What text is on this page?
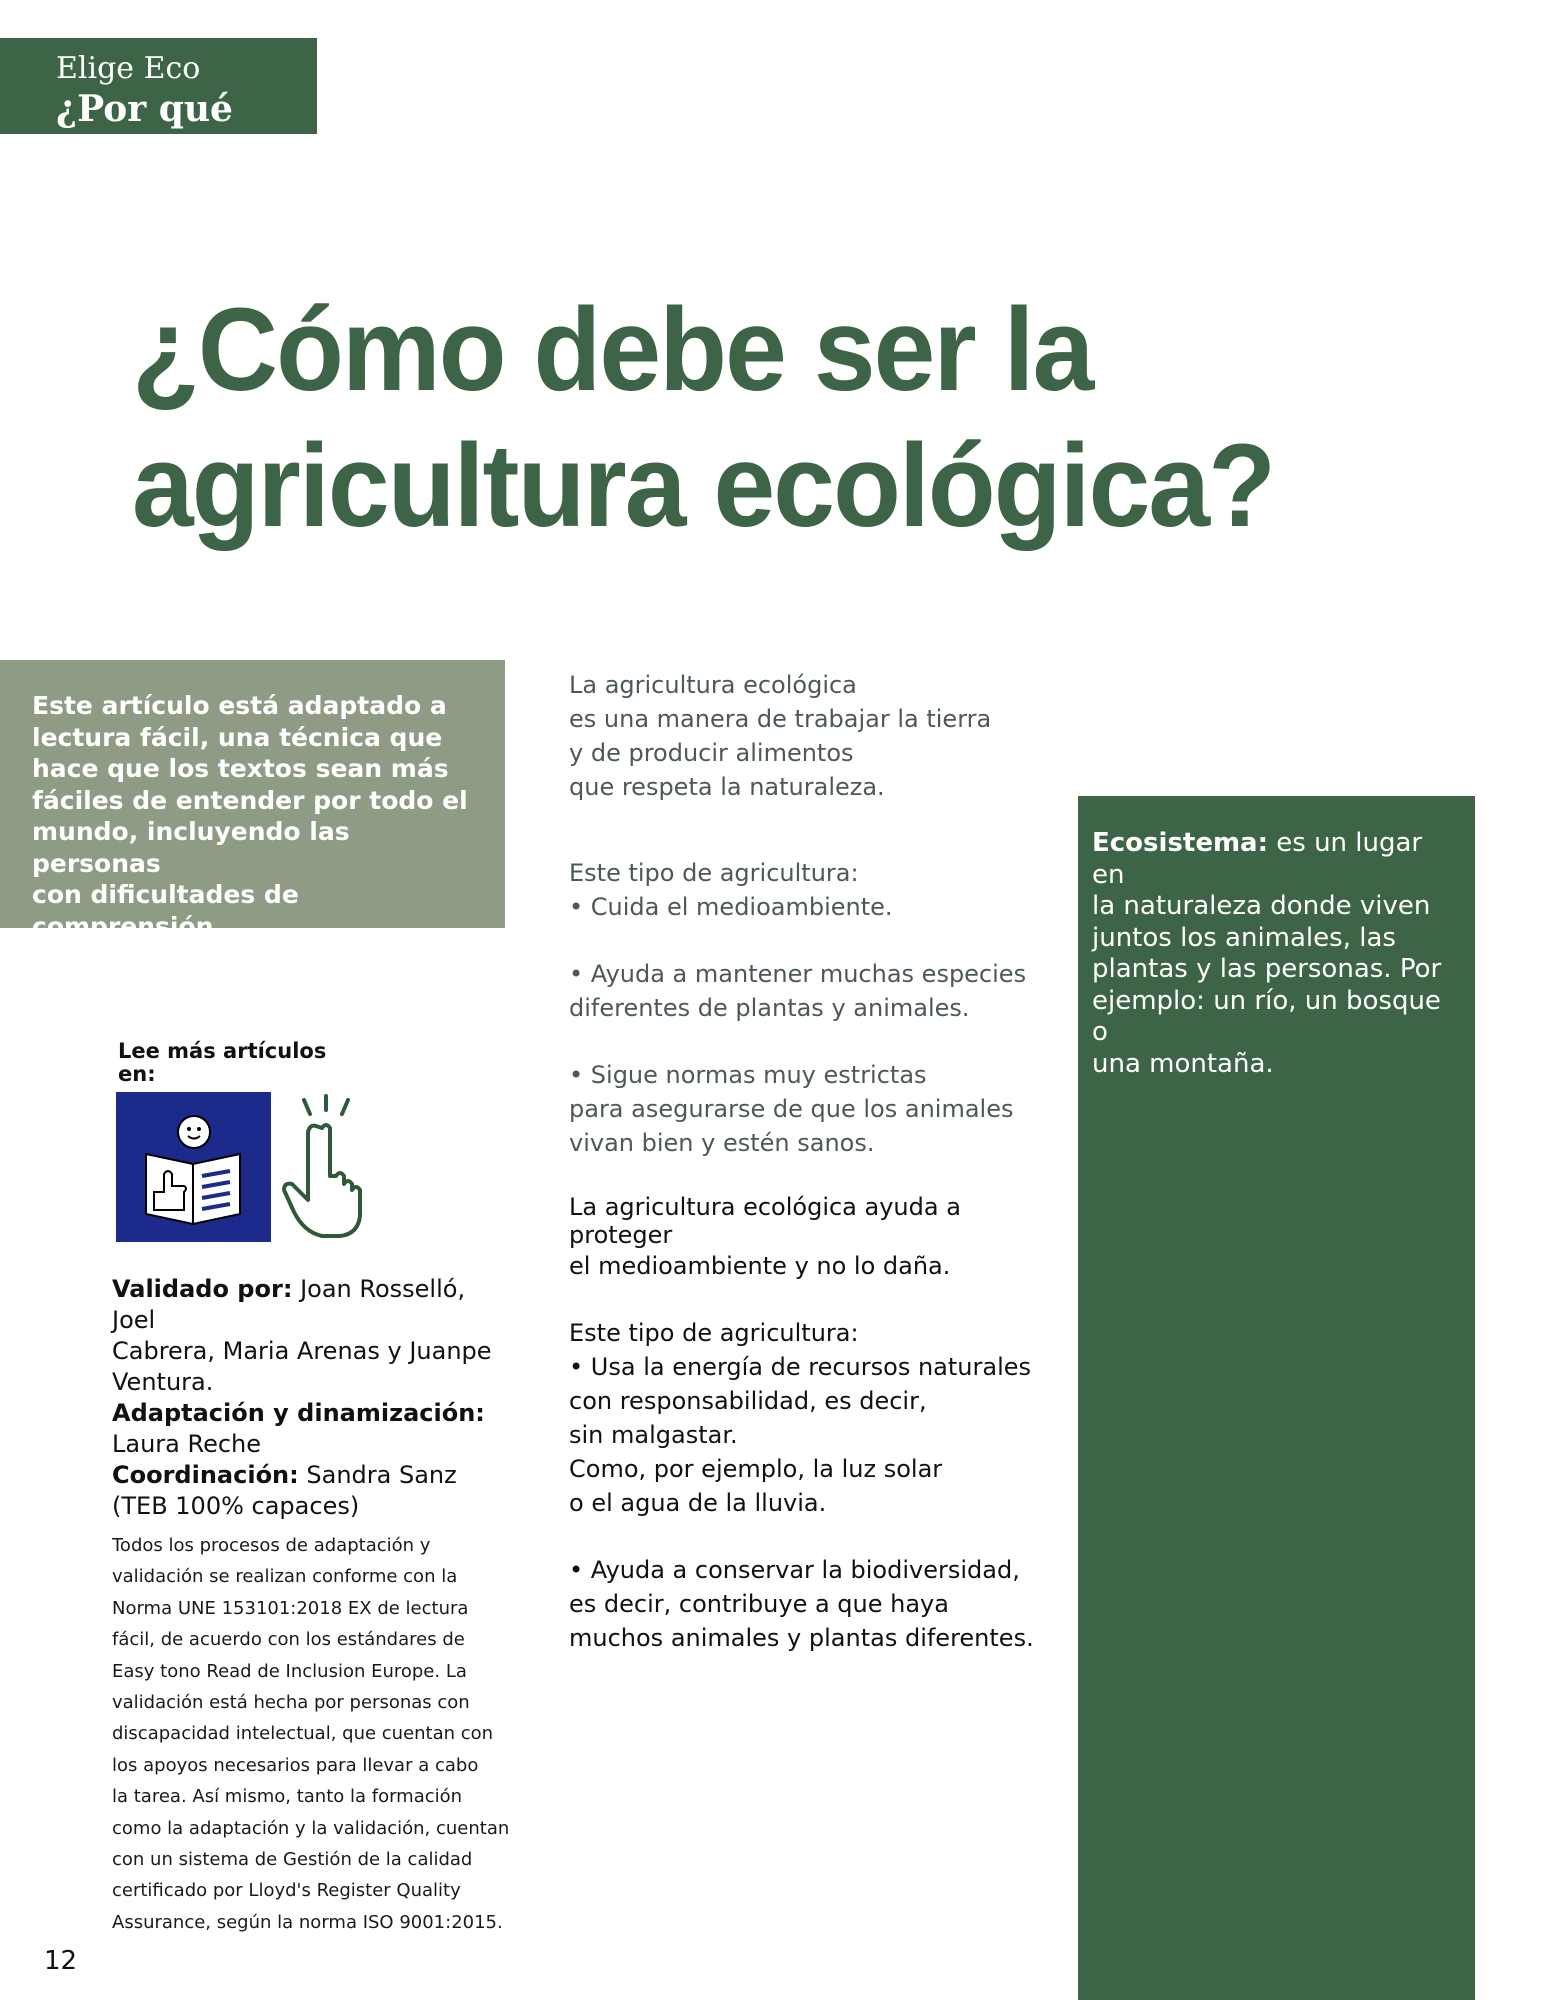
Elige Eco
¿Por qué eco?
¿Cómo debe ser la
agricultura ecológica?
Este artículo está adaptado a
lectura fácil, una técnica que
hace que los textos sean más
fáciles de entender por todo el
mundo, incluyendo las personas
con dificultades de comprensión.
Lee más artículos
en:
Validado por: Joan Rosselló, Joel
Cabrera, Maria Arenas y Juanpe
Ventura.
Adaptación y dinamización:
Laura Reche
Coordinación: Sandra Sanz
(TEB 100% capaces)
Todos los procesos de adaptación y
validación se realizan conforme con la
Norma UNE 153101:2018 EX de lectura
fácil, de acuerdo con los estándares de
Easy tono Read de Inclusion Europe. La
validación está hecha por personas con
discapacidad intelectual, que cuentan con
los apoyos necesarios para llevar a cabo
la tarea. Así mismo, tanto la formación
como la adaptación y la validación, cuentan
con un sistema de Gestión de la calidad
certificado por Lloyd's Register Quality
Assurance, según la norma ISO 9001:2015.

La agricultura ecológica

es una manera de trabajar la tierra

y de producir alimentos

que respeta la naturaleza.

Este tipo de agricultura:

• Cuida el medioambiente.

• Ayuda a mantener muchas especies

diferentes de plantas y animales.

• Sigue normas muy estrictas

para asegurarse de que los animales

vivan bien y estén sanos.

La agricultura ecológica ayuda a

proteger

el medioambiente y no lo daña.

Este tipo de agricultura:

• Usa la energía de recursos naturales

con responsabilidad, es decir,

sin malgastar.

Como, por ejemplo, la luz solar

o el agua de la lluvia.

• Ayuda a conservar la biodiversidad,

es decir, contribuye a que haya

muchos animales y plantas diferentes.

Ecosistema: es un lugar en
la naturaleza donde viven
juntos los animales, las
plantas y las personas. Por
ejemplo: un río, un bosque o
una montaña.
12
